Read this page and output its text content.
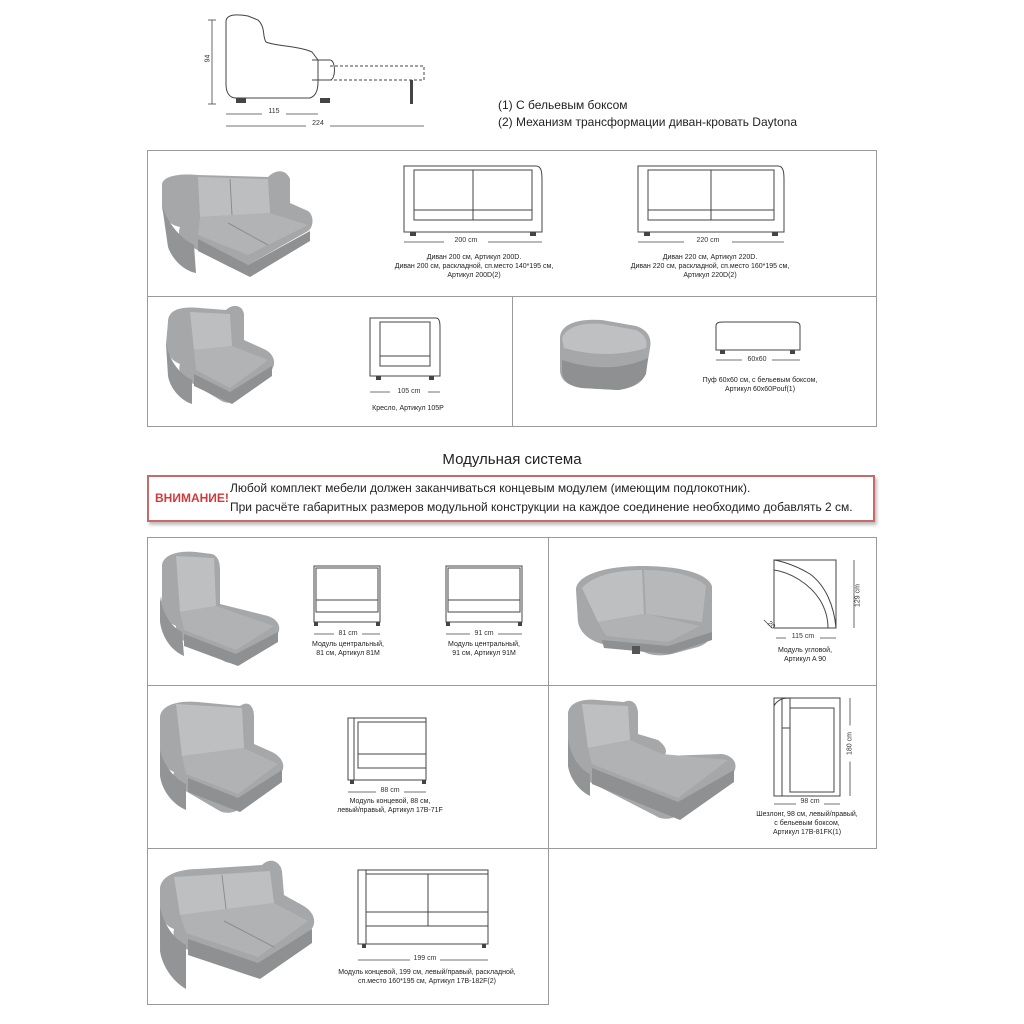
94
115
224
(1) С бельевым боксом
(2) Механизм трансформации диван-кровать Daytona
200 cm
Диван 200 см, Артикул 200D.
Диван 200 см, раскладной, сп.место 140*195 см,
Артикул 200D(2)
220 cm
Диван 220 см, Артикул 220D.
Диван 220 см, раскладной, сп.место 160*195 см,
Артикул 220D(2)
105 cm
Кресло, Артикул 105P
60x60
Пуф 60х60 см, с бельевым боксом,
Артикул 60х60Pouf(1)
Модульная система
ВНИМАНИЕ!
Любой комплект мебели должен заканчиваться концевым модулем (имеющим подлокотник).
При расчёте габаритных размеров модульной конструкции на каждое соединение необходимо добавлять 2 см.
81 cm
Модуль центральный,
81 см, Артикул 81M
91 cm
Модуль центральный,
91 см, Артикул 91M
115 cm
129 cm
20
Модуль угловой,
Артикул A 90
88 cm
Модуль концевой, 88 см,
левый/правый, Артикул 17B-71F
98 cm
180 cm
Шезлонг, 98 см, левый/правый,
с бельевым боксом,
Артикул 17B-81FK(1)
199 cm
Модуль концевой, 199 см, левый/правый, раскладной,
сп.место 160*195 см, Артикул 17B-182F(2)
